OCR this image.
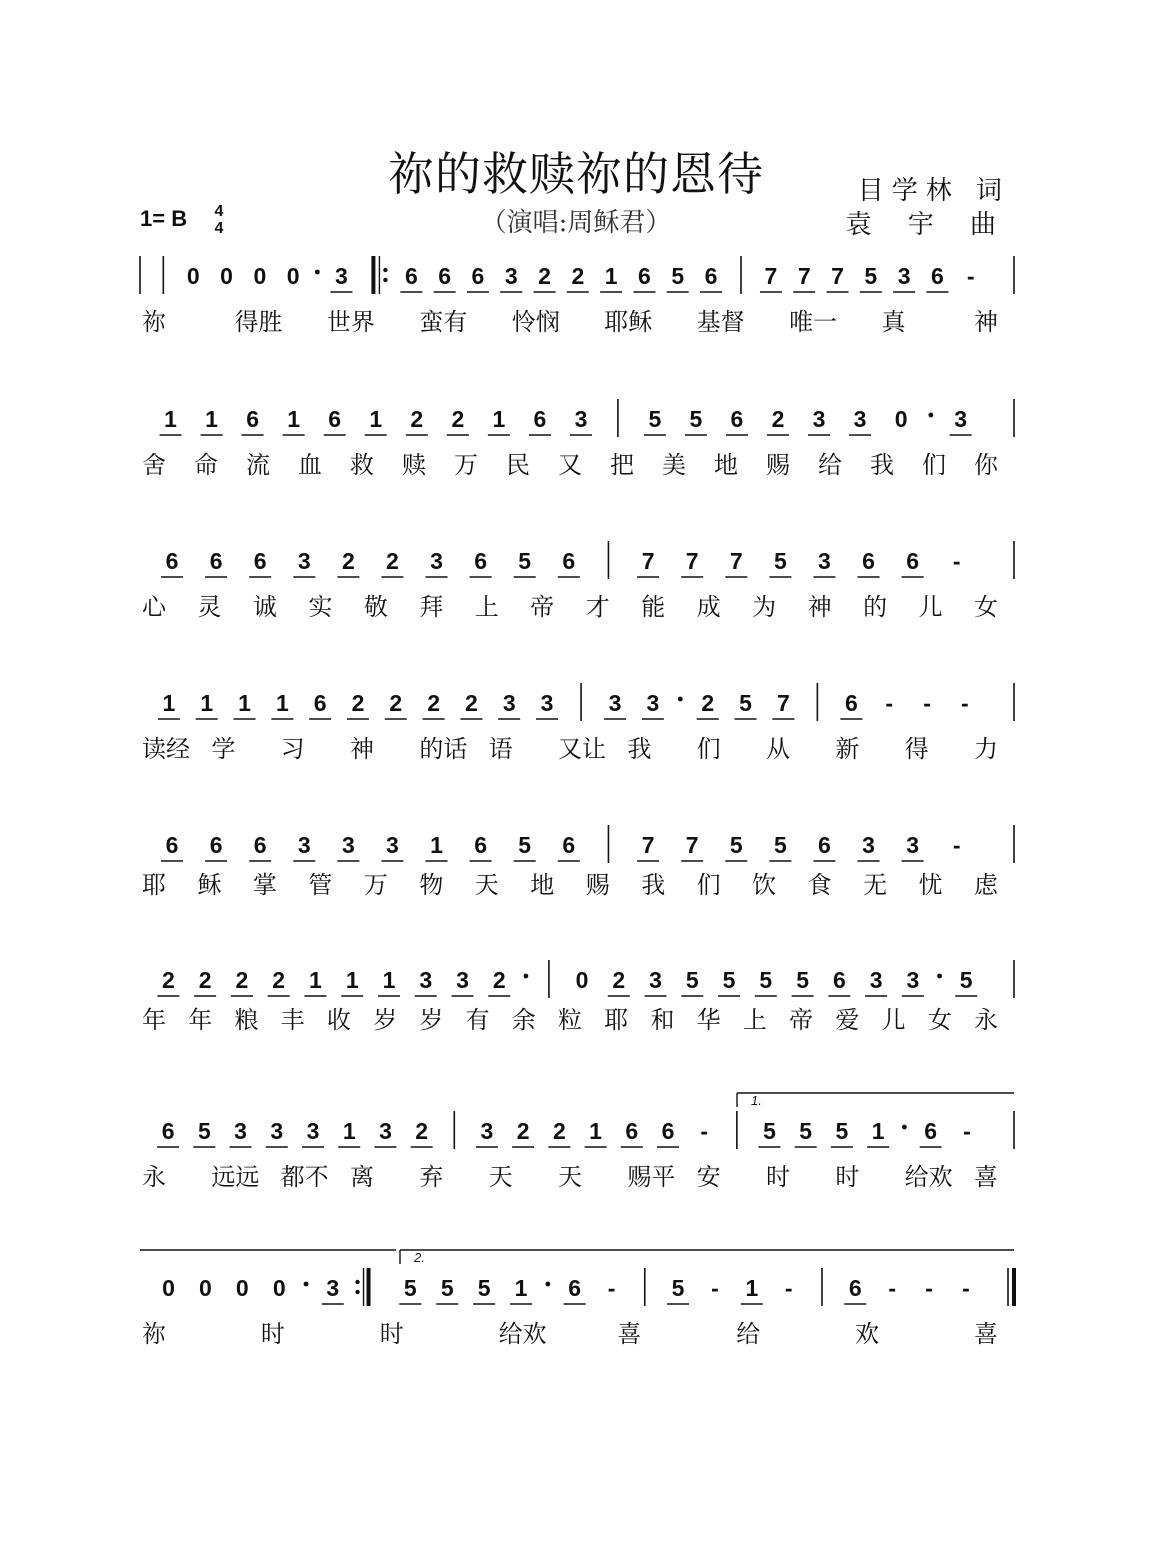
祢的救赎祢的恩待
（演唱:周稣君）
目学林 词
袁 宇 曲
1= B	4
4
0 0 0 0 3 6 6 6 3 2 2 1 6 5 6 7 7 7 5 3 6 -
祢	得胜 世界 蛮有 怜悯 耶稣 基督 唯一 真	神
1 1 6 1 6 1 2 2 1 6 3	5 5 6 2 3 3 0 3
舍 命 流 血 救 赎 万 民 又 把 美 地 赐 给 我 们 你
6 6 6 3 2 2 3 6 5 6	7 7 7 5 3 6 6 -
心 灵 诚 实 敬 拜 上 帝 才 能 成 为 神 的 儿 女
1 1 1 1 6 2 2 2 2 3 3 3 3 2 5 7 6 - - -
读经 学 习 神 的话 语 又让 我 们 从 新 得 力
6 6 6 3 3 3 1 6 5 6	7 7 5 5 6 3 3 -
耶 稣 掌 管 万 物 天 地 赐 我 们 饮 食 无 忧 虑
2 2 2 2 1 1 1 3 3 2	0 2 3 5 5 5 5 6 3 3 5
年 年 粮 丰 收 岁 岁 有 余 粒 耶 和 华 上 帝 爱 儿 女 永
6 5 3 3 3 1 3 2 3 2 2 1 6 6 - 5 5 5 1 6 -
1.
永 远远 都不 离 弃 天 天 赐平 安 时 时 给欢 喜
0 0 0 0 3	5 5 5 1 6 - 5 - 1 - 6 - - -
2.
祢	时	时	给欢	喜	给	欢	喜
